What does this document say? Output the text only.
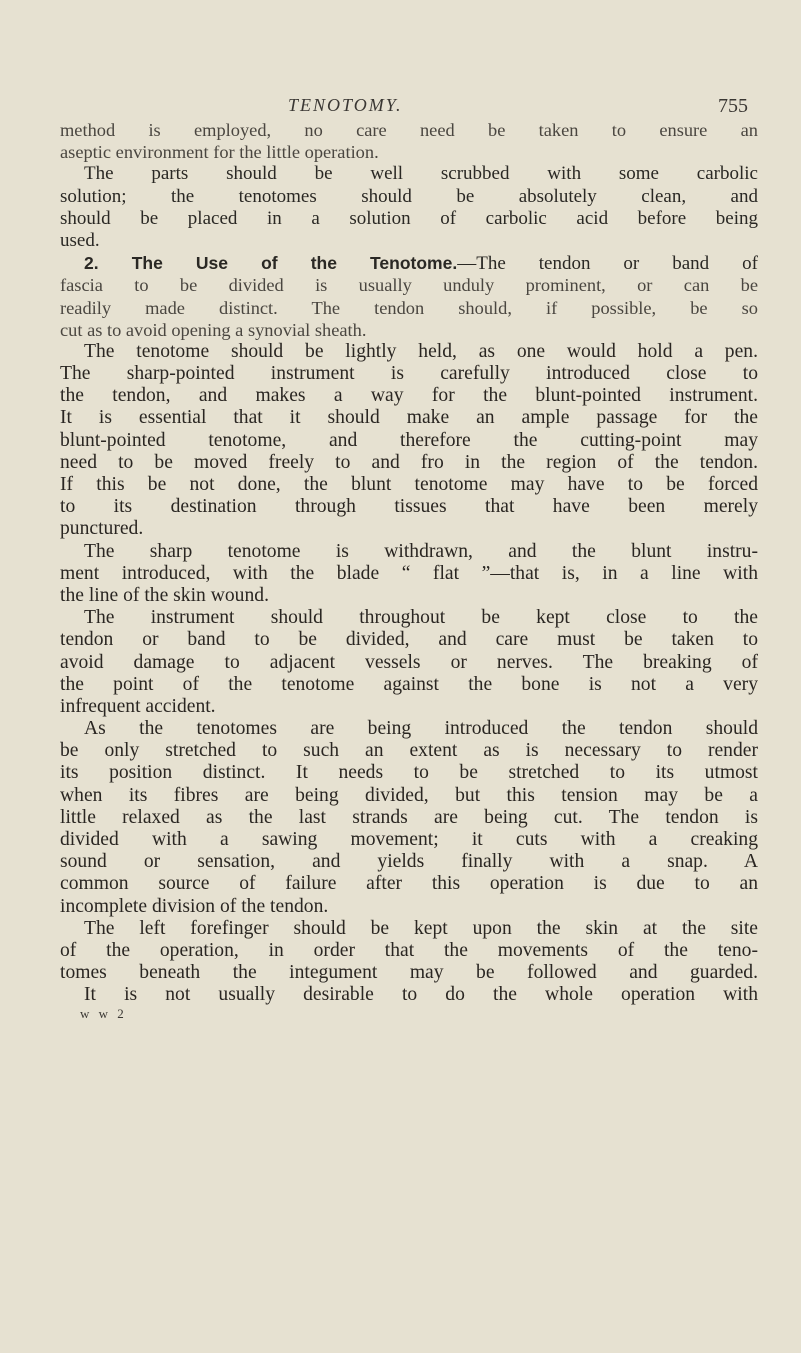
TENOTOMY.	755
method is employed, no care need be taken to ensure an
aseptic environment for the little operation.
The parts should be well scrubbed with some carbolic
solution; the tenotomes should be absolutely clean, and
should be placed in a solution of carbolic acid before being
used.
2. The Use of the Tenotome.—The tendon or band of
fascia to be divided is usually unduly prominent, or can be
readily made distinct. The tendon should, if possible, be so
cut as to avoid opening a synovial sheath.
The tenotome should be lightly held, as one would hold a pen.
The sharp-pointed instrument is carefully introduced close to
the tendon, and makes a way for the blunt-pointed instrument.
It is essential that it should make an ample passage for the
blunt-pointed tenotome, and therefore the cutting-point may
need to be moved freely to and fro in the region of the tendon.
If this be not done, the blunt tenotome may have to be forced
to its destination through tissues that have been merely
punctured.
The sharp tenotome is withdrawn, and the blunt instru-
ment introduced, with the blade “ flat ”—that is, in a line with
the line of the skin wound.
The instrument should throughout be kept close to the
tendon or band to be divided, and care must be taken to
avoid damage to adjacent vessels or nerves. The breaking of
the point of the tenotome against the bone is not a very
infrequent accident.
As the tenotomes are being introduced the tendon should
be only stretched to such an extent as is necessary to render
its position distinct. It needs to be stretched to its utmost
when its fibres are being divided, but this tension may be a
little relaxed as the last strands are being cut. The tendon is
divided with a sawing movement; it cuts with a creaking
sound or sensation, and yields finally with a snap. A
common source of failure after this operation is due to an
incomplete division of the tendon.
The left forefinger should be kept upon the skin at the site
of the operation, in order that the movements of the teno-
tomes beneath the integument may be followed and guarded.
It is not usually desirable to do the whole operation with
w w 2
